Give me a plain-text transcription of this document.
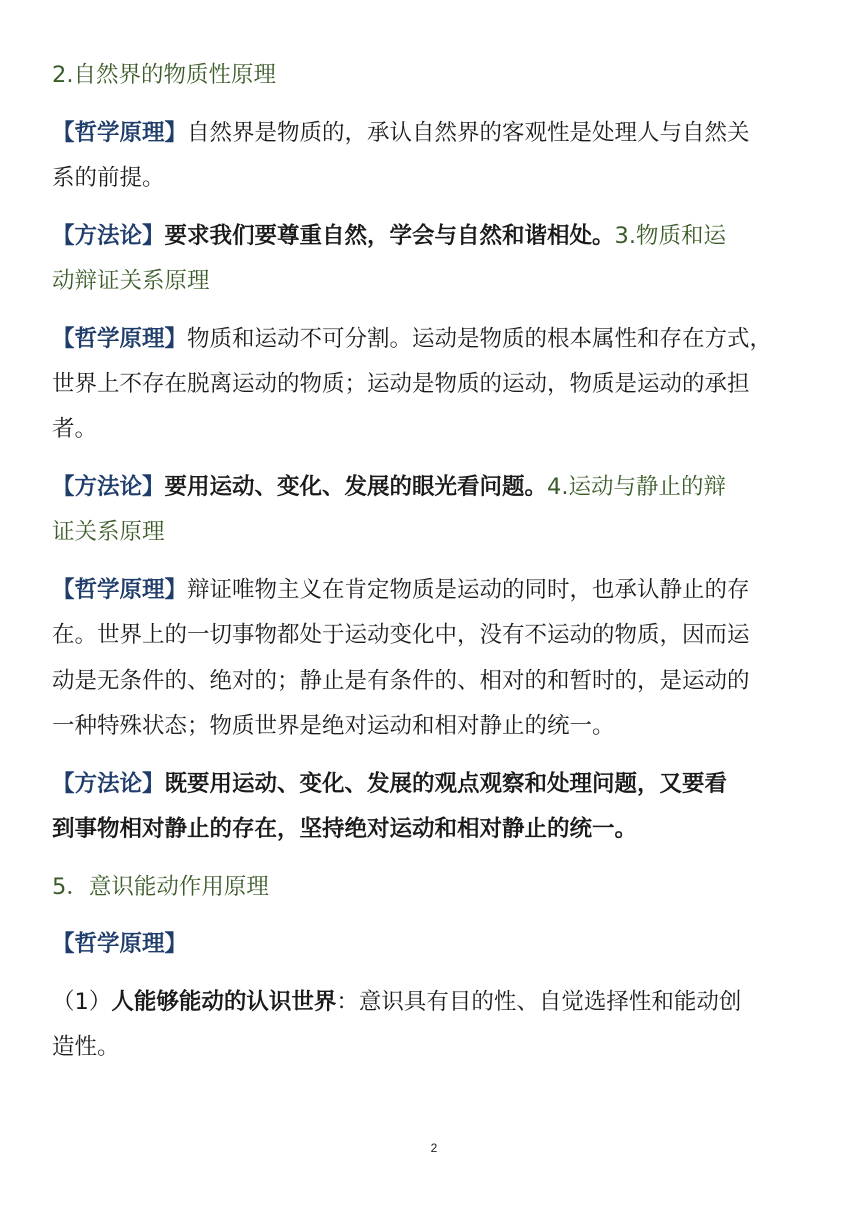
2.自然界的物质性原理
【哲学原理】自然界是物质的，承认自然界的客观性是处理人与自然关
系的前提。
【方法论】要求我们要尊重自然，学会与自然和谐相处。3.物质和运
动辩证关系原理
【哲学原理】物质和运动不可分割。运动是物质的根本属性和存在方式，
世界上不存在脱离运动的物质；运动是物质的运动，物质是运动的承担
者。
【方法论】要用运动、变化、发展的眼光看问题。4.运动与静止的辩
证关系原理
【哲学原理】辩证唯物主义在肯定物质是运动的同时，也承认静止的存
在。世界上的一切事物都处于运动变化中，没有不运动的物质，因而运
动是无条件的、绝对的；静止是有条件的、相对的和暂时的，是运动的
一种特殊状态；物质世界是绝对运动和相对静止的统一。
【方法论】既要用运动、变化、发展的观点观察和处理问题，又要看
到事物相对静止的存在，坚持绝对运动和相对静止的统一。
5．意识能动作用原理
【哲学原理】
（1）人能够能动的认识世界：意识具有目的性、自觉选择性和能动创
造性。
2
